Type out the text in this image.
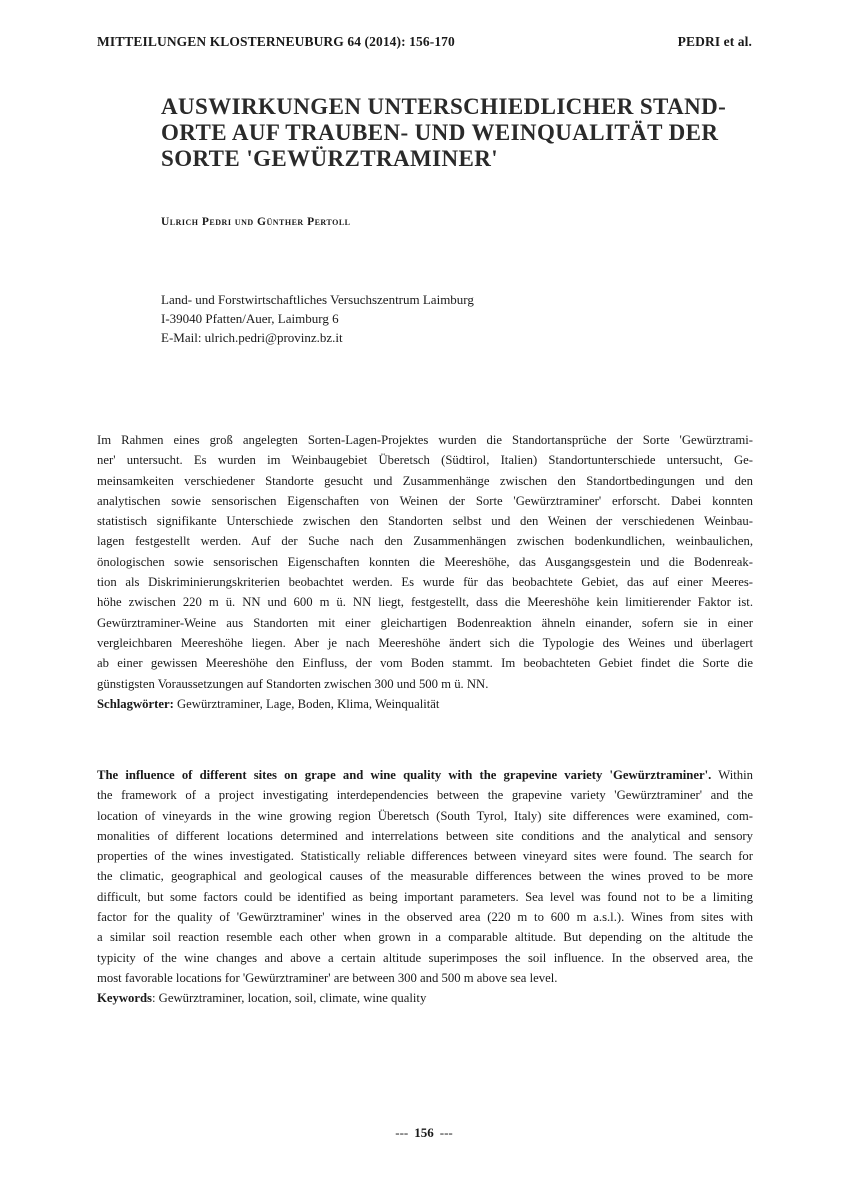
MITTEILUNGEN KLOSTERNEUBURG 64 (2014): 156-170	PEDRI et al.
AUSWIRKUNGEN UNTERSCHIEDLICHER STAND-
ORTE AUF TRAUBEN- UND WEINQUALITÄT DER
SORTE 'GEWÜRZTRAMINER'
Ulrich Pedri und Günther Pertoll
Land- und Forstwirtschaftliches Versuchszentrum Laimburg
I-39040 Pfatten/Auer, Laimburg 6
E-Mail: ulrich.pedri@provinz.bz.it
Im Rahmen eines groß angelegten Sorten-Lagen-Projektes wurden die Standortansprüche der Sorte 'Gewürztrami-
ner' untersucht. Es wurden im Weinbaugebiet Überetsch (Südtirol, Italien) Standortunterschiede untersucht, Ge-
meinsamkeiten verschiedener Standorte gesucht und Zusammenhänge zwischen den Standortbedingungen und den
analytischen sowie sensorischen Eigenschaften von Weinen der Sorte 'Gewürztraminer' erforscht. Dabei konnten
statistisch signifikante Unterschiede zwischen den Standorten selbst und den Weinen der verschiedenen Weinbau-
lagen festgestellt werden. Auf der Suche nach den Zusammenhängen zwischen bodenkundlichen, weinbaulichen,
önologischen sowie sensorischen Eigenschaften konnten die Meereshöhe, das Ausgangsgestein und die Bodenreak-
tion als Diskriminierungskriterien beobachtet werden. Es wurde für das beobachtete Gebiet, das auf einer Meeres-
höhe zwischen 220 m ü. NN und 600 m ü. NN liegt, festgestellt, dass die Meereshöhe kein limitierender Faktor ist.
Gewürztraminer-Weine aus Standorten mit einer gleichartigen Bodenreaktion ähneln einander, sofern sie in einer
vergleichbaren Meereshöhe liegen. Aber je nach Meereshöhe ändert sich die Typologie des Weines und überlagert
ab einer gewissen Meereshöhe den Einfluss, der vom Boden stammt. Im beobachteten Gebiet findet die Sorte die
günstigsten Voraussetzungen auf Standorten zwischen 300 und 500 m ü. NN.
Schlagwörter: Gewürztraminer, Lage, Boden, Klima, Weinqualität
The influence of different sites on grape and wine quality with the grapevine variety 'Gewürztraminer'. Within
the framework of a project investigating interdependencies between the grapevine variety 'Gewürztraminer' and the
location of vineyards in the wine growing region Überetsch (South Tyrol, Italy) site differences were examined, com-
monalities of different locations determined and interrelations between site conditions and the analytical and sensory
properties of the wines investigated. Statistically reliable differences between vineyard sites were found. The search for
the climatic, geographical and geological causes of the measurable differences between the wines proved to be more
difficult, but some factors could be identified as being important parameters. Sea level was found not to be a limiting
factor for the quality of 'Gewürztraminer' wines in the observed area (220 m to 600 m a.s.l.). Wines from sites with
a similar soil reaction resemble each other when grown in a comparable altitude. But depending on the altitude the
typicity of the wine changes and above a certain altitude superimposes the soil influence. In the observed area, the
most favorable locations for 'Gewürztraminer' are between 300 and 500 m above sea level.
Keywords: Gewürztraminer, location, soil, climate, wine quality
--- 156 ---
